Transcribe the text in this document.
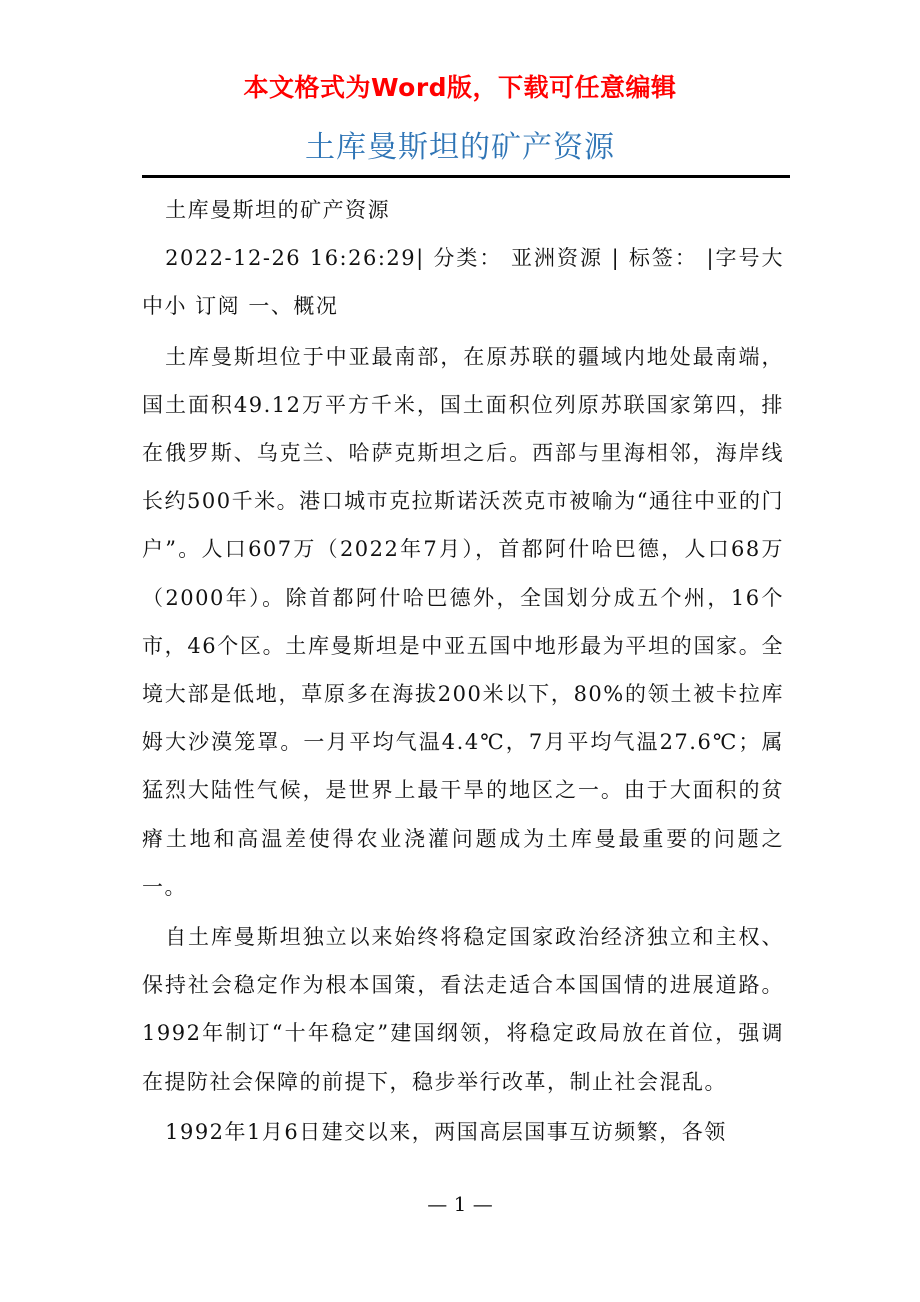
本文格式为Word版，下载可任意编辑
土库曼斯坦的矿产资源

土库曼斯坦的矿产资源

2022-12-26 16:26:29| 分类： 亚洲资源 | 标签： |字号大中小 订阅 一、概况

土库曼斯坦位于中亚最南部，在原苏联的疆域内地处最南端，国土面积49.12万平方千米，国土面积位列原苏联国家第四，排在俄罗斯、乌克兰、哈萨克斯坦之后。西部与里海相邻，海岸线长约500千米。港口城市克拉斯诺沃茨克市被喻为“通往中亚的门户”。人口607万（2022年7月），首都阿什哈巴德，人口68万（2000年）。除首都阿什哈巴德外，全国划分成五个州，16个市，46个区。土库曼斯坦是中亚五国中地形最为平坦的国家。全境大部是低地，草原多在海拔200米以下，80%的领土被卡拉库姆大沙漠笼罩。一月平均气温4.4℃，7月平均气温27.6℃；属猛烈大陆性气候，是世界上最干旱的地区之一。由于大面积的贫瘠土地和高温差使得农业浇灌问题成为土库曼最重要的问题之一。

自土库曼斯坦独立以来始终将稳定国家政治经济独立和主权、保持社会稳定作为根本国策，看法走适合本国国情的进展道路。1992年制订“十年稳定”建国纲领，将稳定政局放在首位，强调在提防社会保障的前提下，稳步举行改革，制止社会混乱。

1992年1月6日建交以来，两国高层国事互访频繁，各领

— 1 —
